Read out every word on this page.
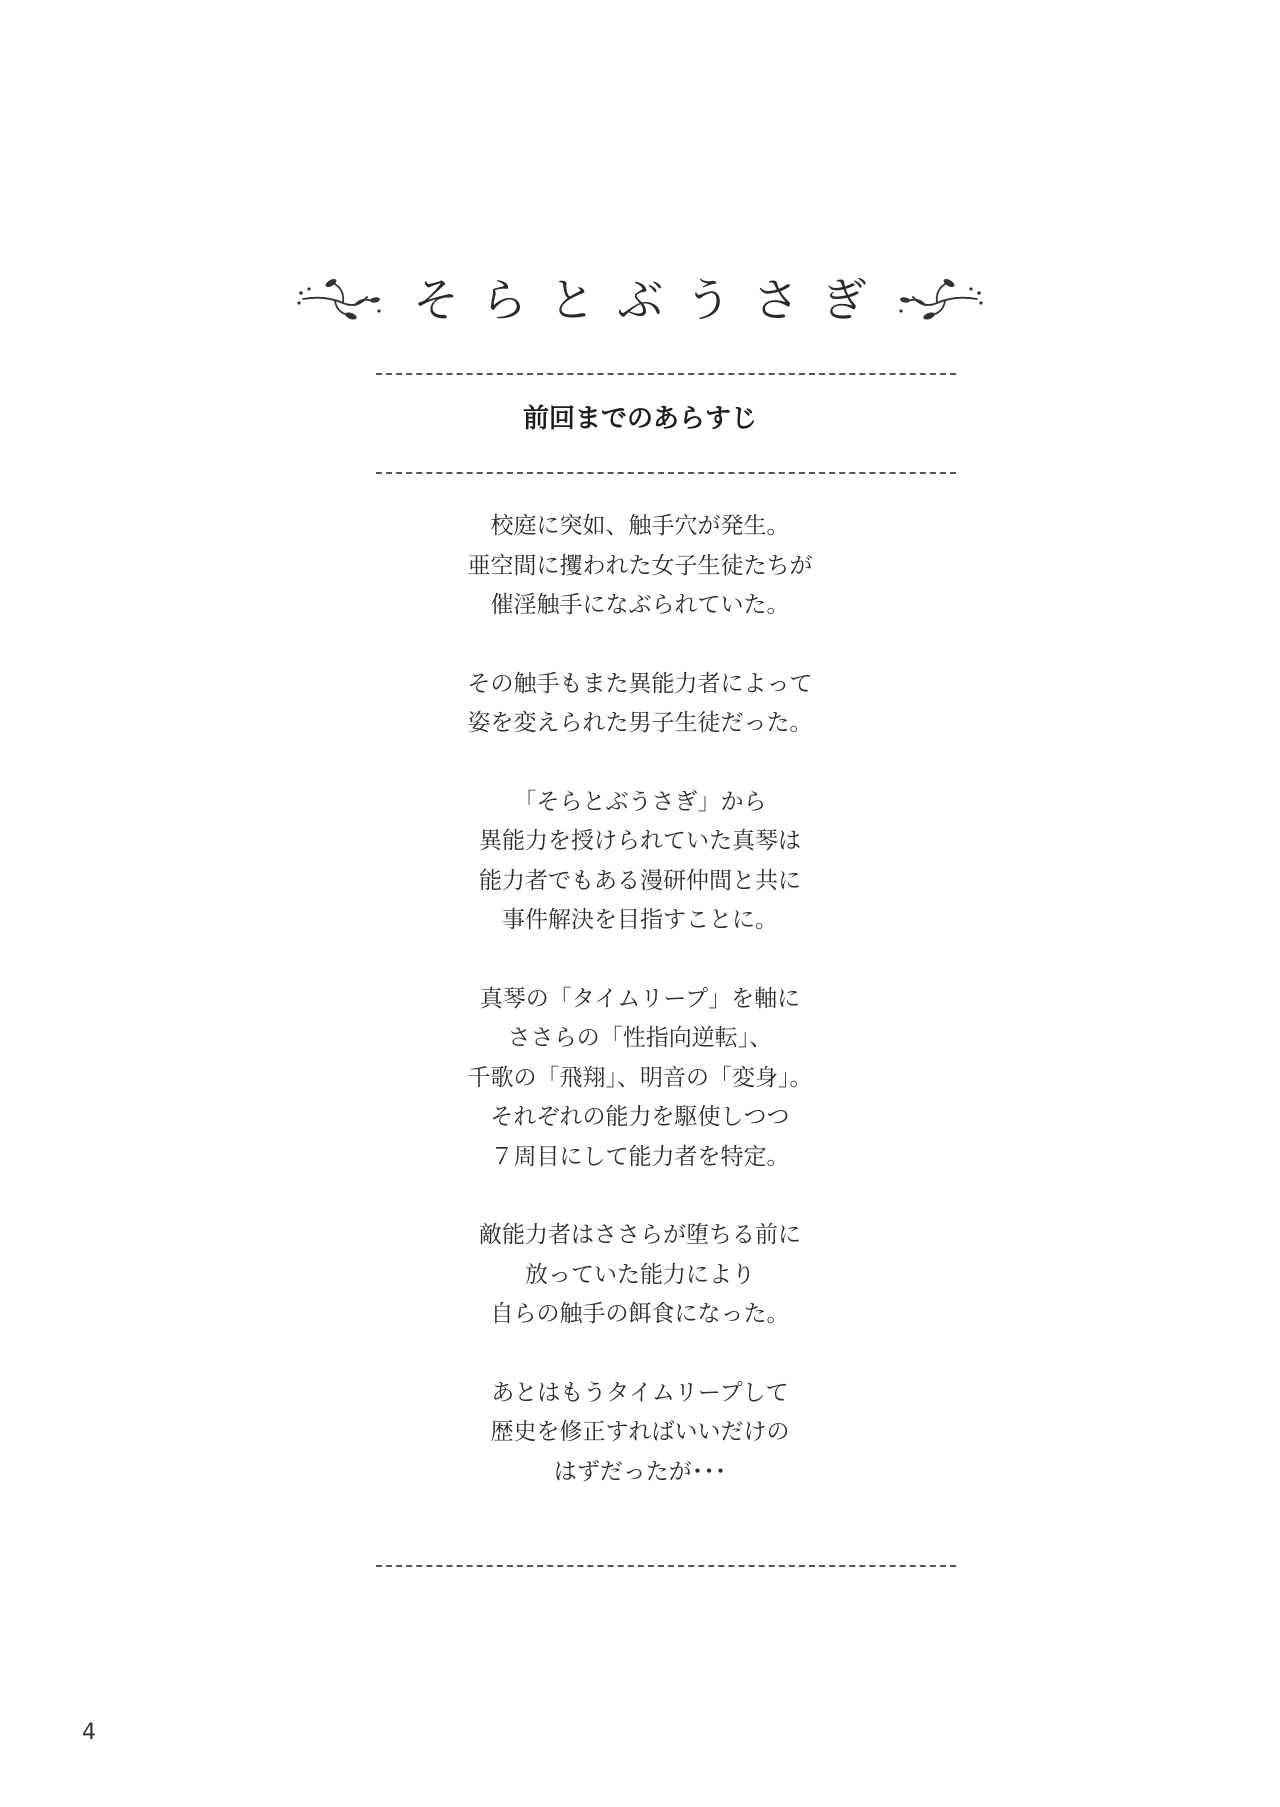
そらとぶうさぎ
前回までのあらすじ
校庭に突如、触手穴が発生。
亜空間に攫われた女子生徒たちが
催淫触手になぶられていた。
その触手もまた異能力者によって
姿を変えられた男子生徒だった。
「そらとぶうさぎ」から
異能力を授けられていた真琴は
能力者でもある漫研仲間と共に
事件解決を目指すことに。
真琴の「タイムリープ」を軸に
ささらの「性指向逆転」、
千歌の「飛翔」、明音の「変身」。
それぞれの能力を駆使しつつ
７周目にして能力者を特定。
敵能力者はささらが堕ちる前に
放っていた能力により
自らの触手の餌食になった。
あとはもうタイムリープして
歴史を修正すればいいだけの
はずだったが･･･
4
